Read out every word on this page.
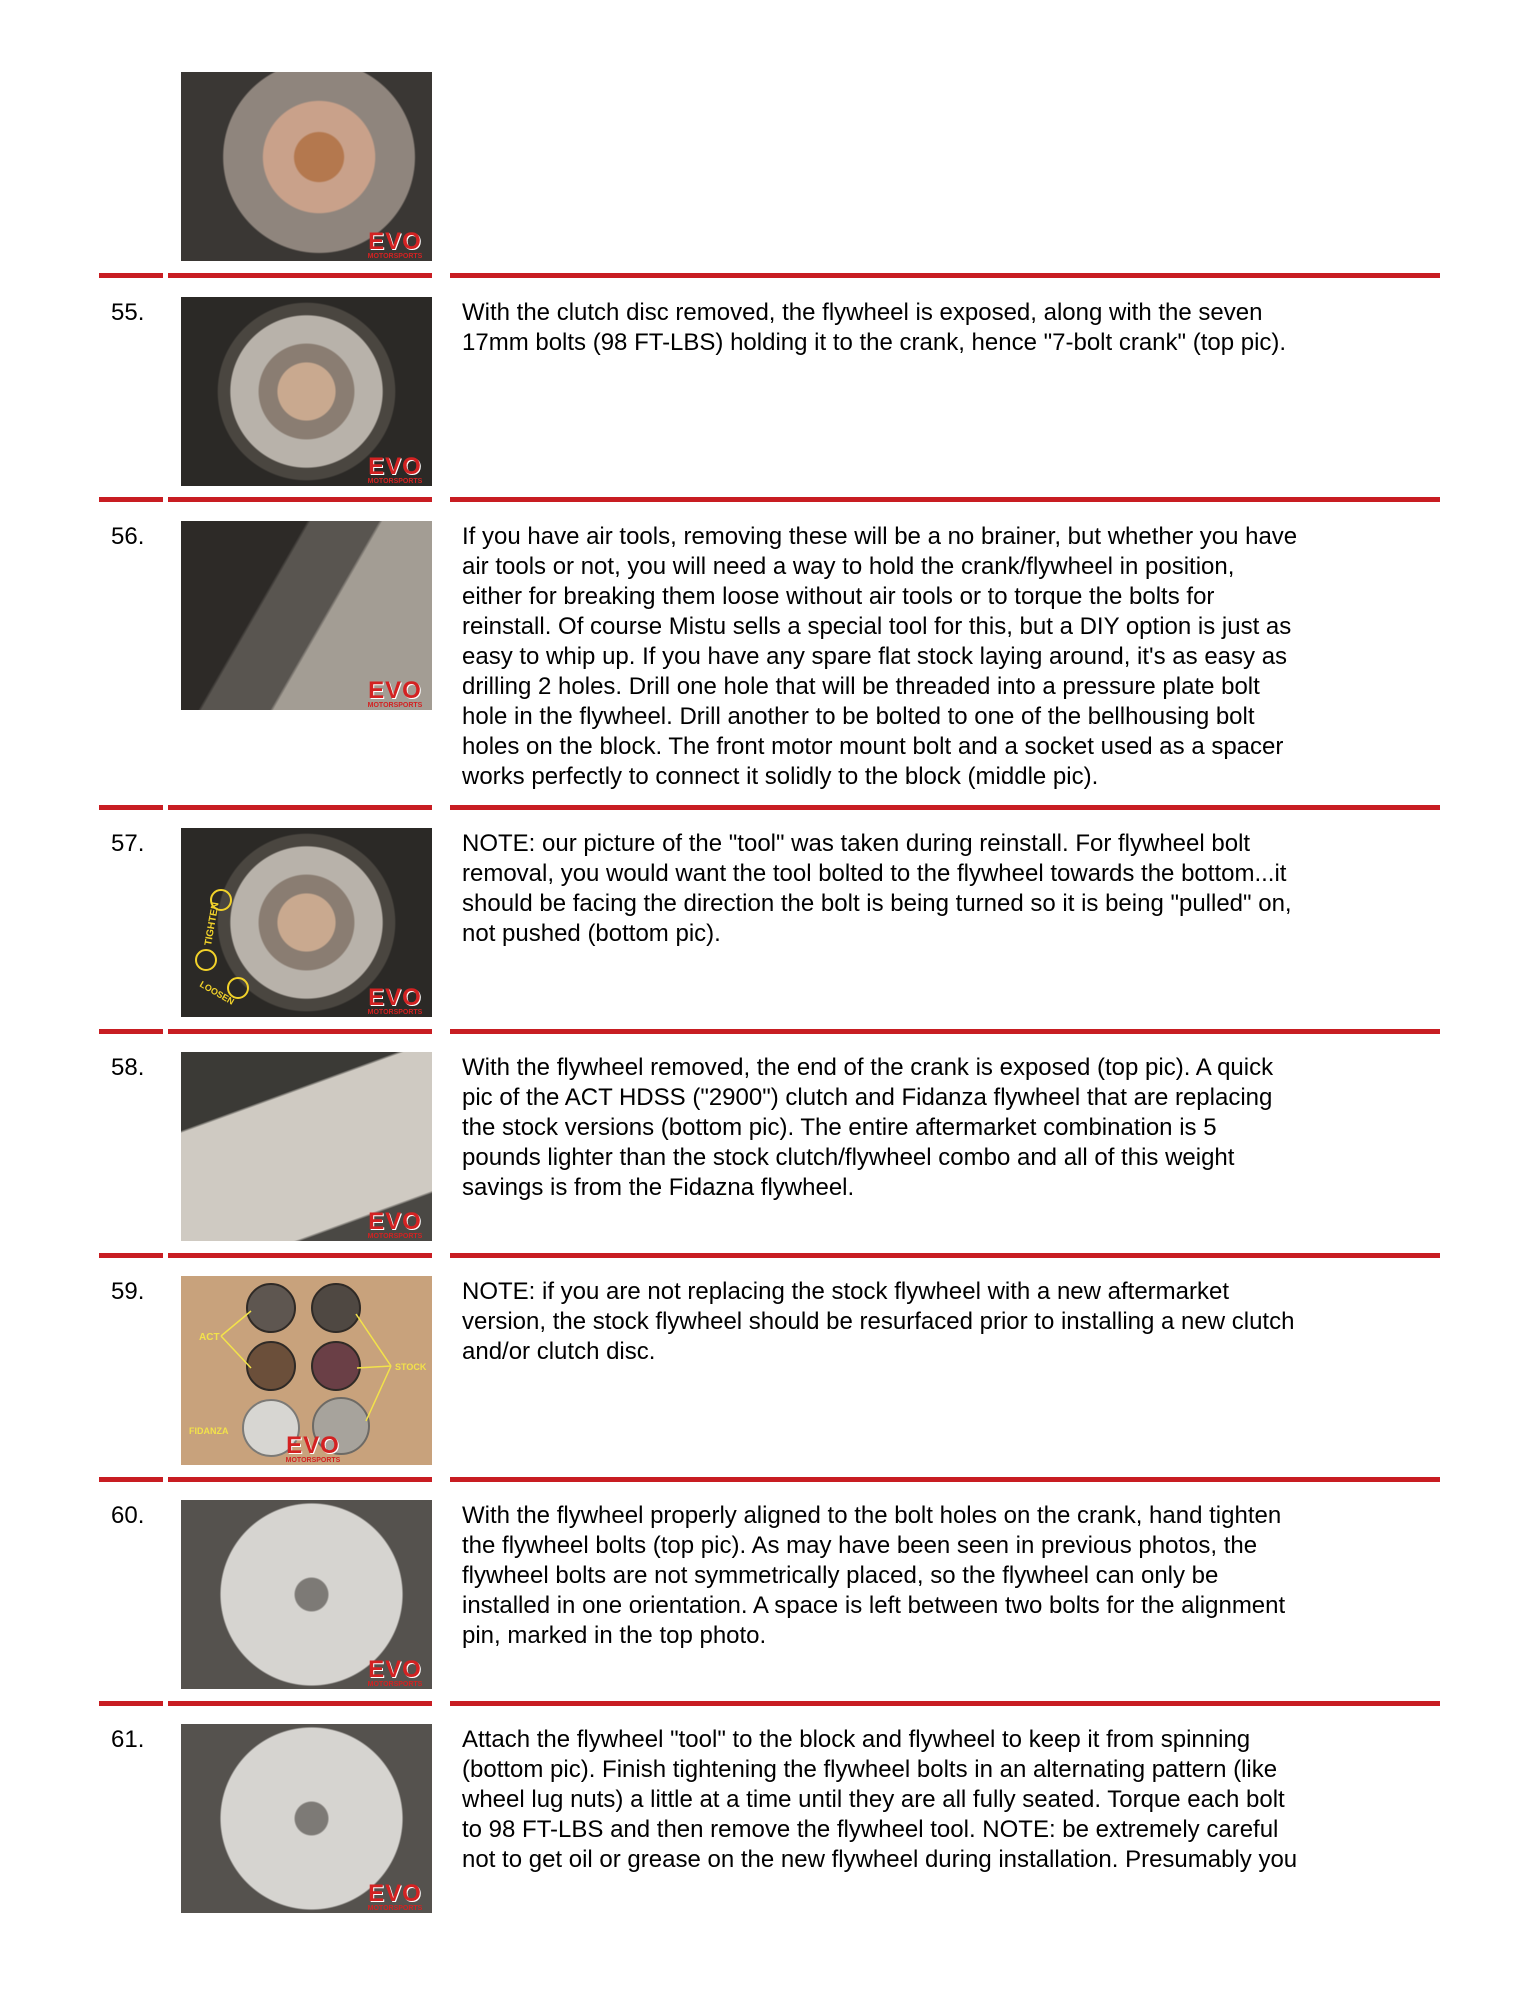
EVO
MOTORSPORTS
55.
EVO
MOTORSPORTS
With the clutch disc removed, the flywheel is exposed, along with the seven
17mm bolts (98 FT-LBS) holding it to the crank, hence "7-bolt crank" (top pic).
56.
EVO
MOTORSPORTS
If you have air tools, removing these will be a no brainer, but whether you have
air tools or not, you will need a way to hold the crank/flywheel in position,
either for breaking them loose without air tools or to torque the bolts for
reinstall. Of course Mistu sells a special tool for this, but a DIY option is just as
easy to whip up. If you have any spare flat stock laying around, it's as easy as
drilling 2 holes. Drill one hole that will be threaded into a pressure plate bolt
hole in the flywheel. Drill another to be bolted to one of the bellhousing bolt
holes on the block. The front motor mount bolt and a socket used as a spacer
works perfectly to connect it solidly to the block (middle pic).
57.
TIGHTEN
LOOSEN	EVO
MOTORSPORTS
NOTE: our picture of the "tool" was taken during reinstall. For flywheel bolt
removal, you would want the tool bolted to the flywheel towards the bottom...it
should be facing the direction the bolt is being turned so it is being "pulled" on,
not pushed (bottom pic).
58.
EVO
MOTORSPORTS
With the flywheel removed, the end of the crank is exposed (top pic). A quick
pic of the ACT HDSS ("2900") clutch and Fidanza flywheel that are replacing
the stock versions (bottom pic). The entire aftermarket combination is 5
pounds lighter than the stock clutch/flywheel combo and all of this weight
savings is from the Fidazna flywheel.
59.
ACT
STOCK
FIDANZA
EVO
MOTORSPORTS
NOTE: if you are not replacing the stock flywheel with a new aftermarket
version, the stock flywheel should be resurfaced prior to installing a new clutch
and/or clutch disc.
60.
EVO
MOTORSPORTS
With the flywheel properly aligned to the bolt holes on the crank, hand tighten
the flywheel bolts (top pic). As may have been seen in previous photos, the
flywheel bolts are not symmetrically placed, so the flywheel can only be
installed in one orientation. A space is left between two bolts for the alignment
pin, marked in the top photo.
61.
EVO
MOTORSPORTS
Attach the flywheel "tool" to the block and flywheel to keep it from spinning
(bottom pic). Finish tightening the flywheel bolts in an alternating pattern (like
wheel lug nuts) a little at a time until they are all fully seated. Torque each bolt
to 98 FT-LBS and then remove the flywheel tool. NOTE: be extremely careful
not to get oil or grease on the new flywheel during installation. Presumably you
